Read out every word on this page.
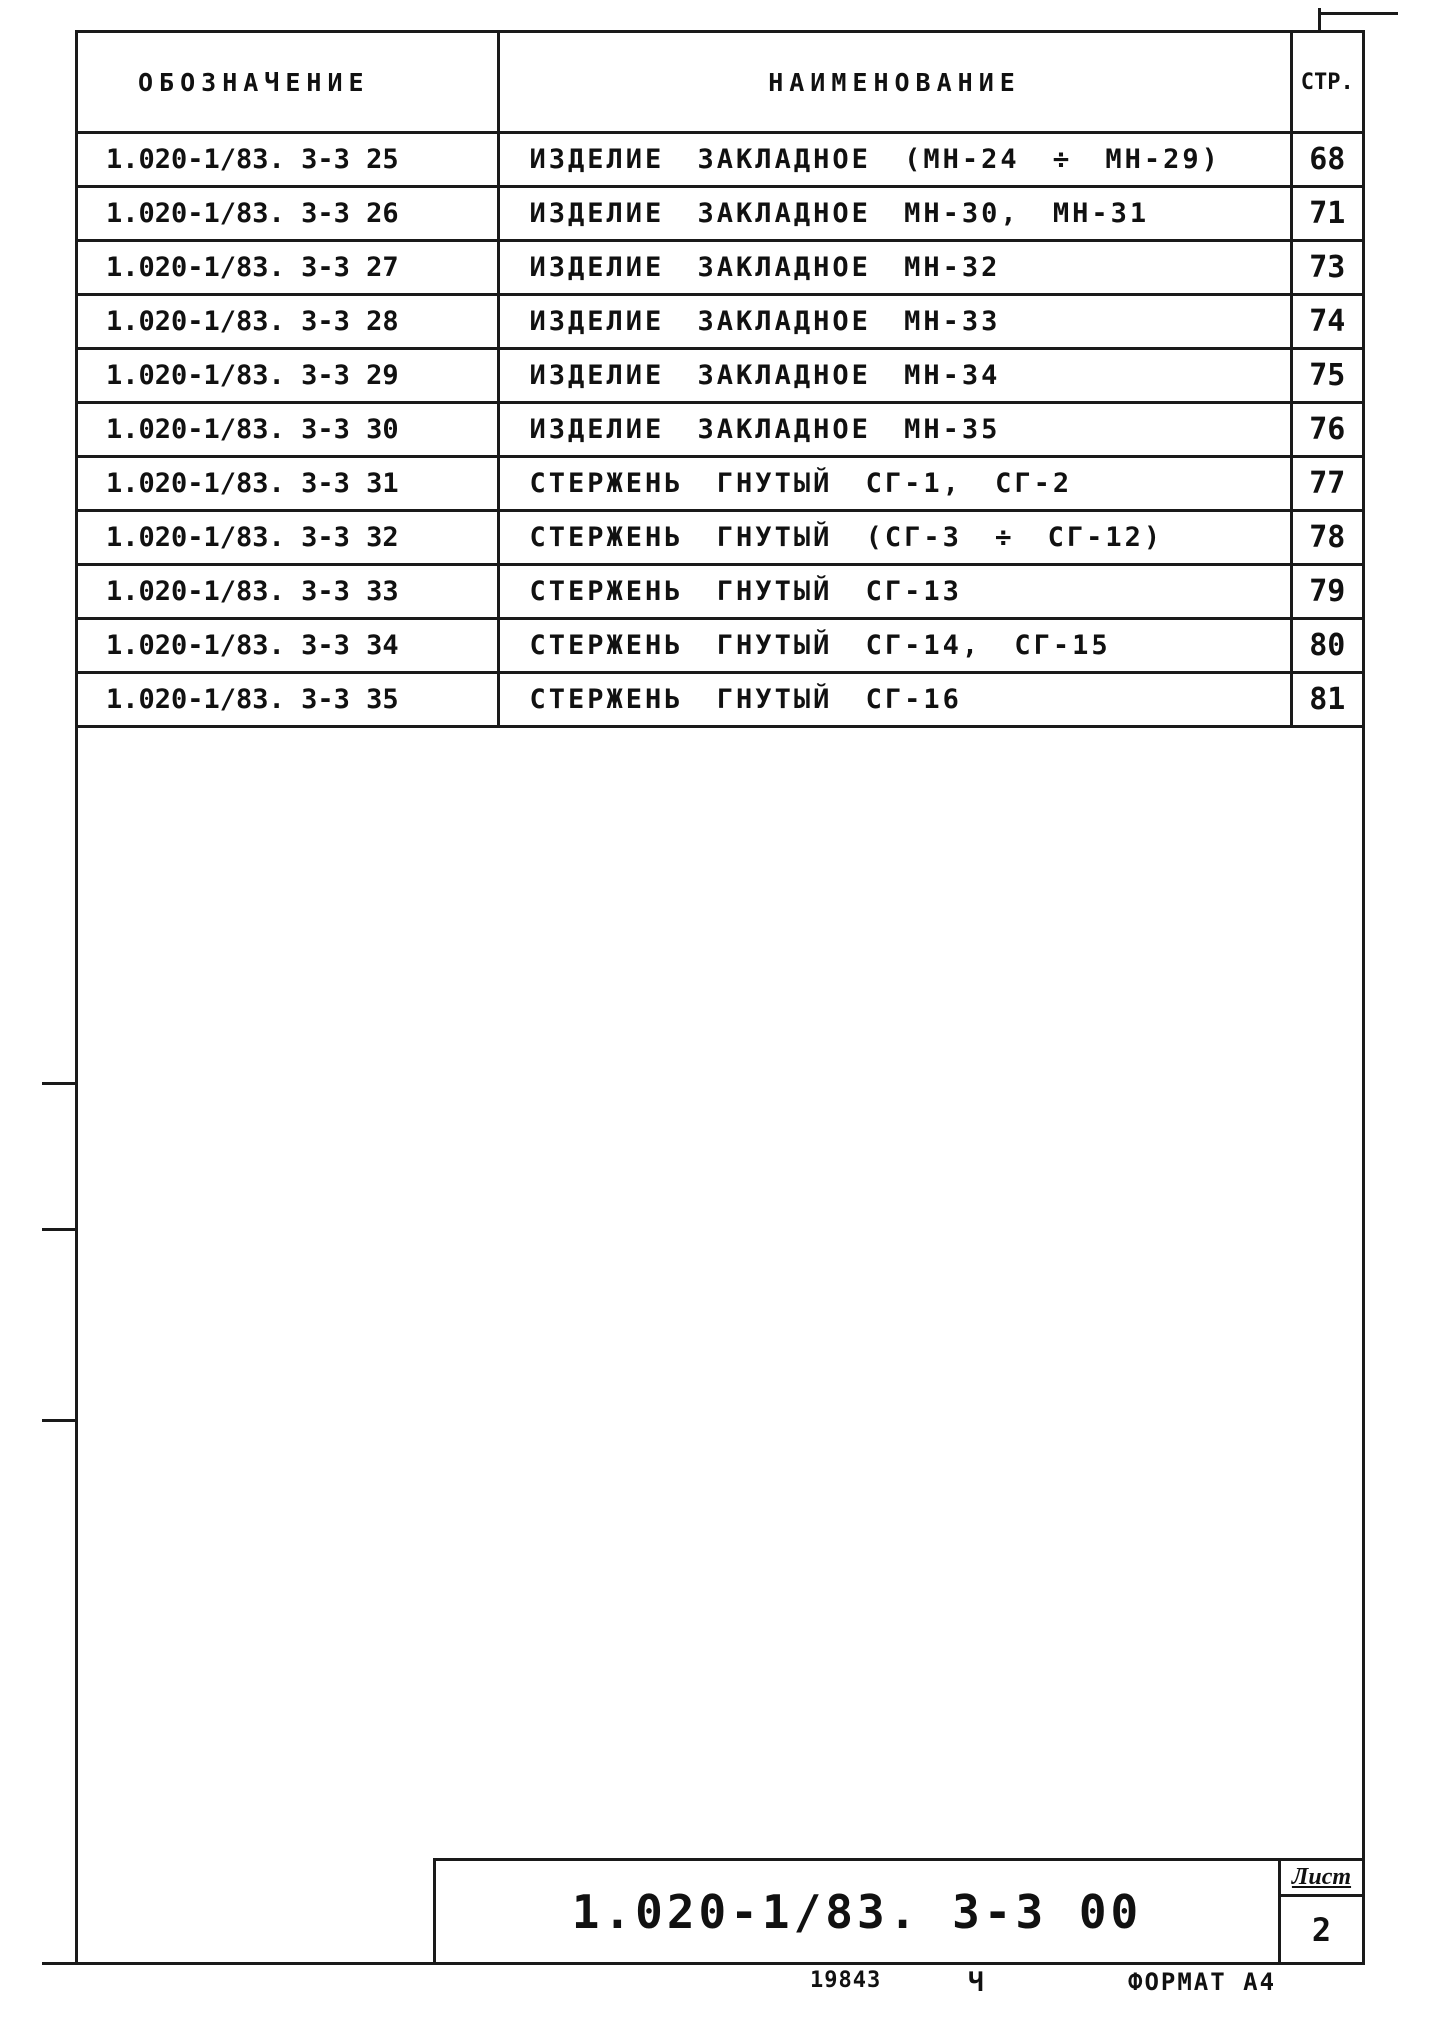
ОБОЗНАЧЕНИЕ	НАИМЕНОВАНИЕ	СТР.
1.020-1/83. 3-3 25	ИЗДЕЛИЕ ЗАКЛАДНОЕ (МН-24 ÷ МН-29)	68
1.020-1/83. 3-3 26	ИЗДЕЛИЕ ЗАКЛАДНОЕ МН-30, МН-31	71
1.020-1/83. 3-3 27	ИЗДЕЛИЕ ЗАКЛАДНОЕ МН-32	73
1.020-1/83. 3-3 28	ИЗДЕЛИЕ ЗАКЛАДНОЕ МН-33	74
1.020-1/83. 3-3 29	ИЗДЕЛИЕ ЗАКЛАДНОЕ МН-34	75
1.020-1/83. 3-3 30	ИЗДЕЛИЕ ЗАКЛАДНОЕ МН-35	76
1.020-1/83. 3-3 31	СТЕРЖЕНЬ ГНУТЫЙ СГ-1, СГ-2	77
1.020-1/83. 3-3 32	СТЕРЖЕНЬ ГНУТЫЙ (СГ-3 ÷ СГ-12)	78
1.020-1/83. 3-3 33	СТЕРЖЕНЬ ГНУТЫЙ СГ-13	79
1.020-1/83. 3-3 34	СТЕРЖЕНЬ ГНУТЫЙ СГ-14, СГ-15	80
1.020-1/83. 3-3 35	СТЕРЖЕНЬ ГНУТЫЙ СГ-16	81
1.020-1/83. 3-3 00
Лист
2
19843	Ч	ФОРМАТ А4
